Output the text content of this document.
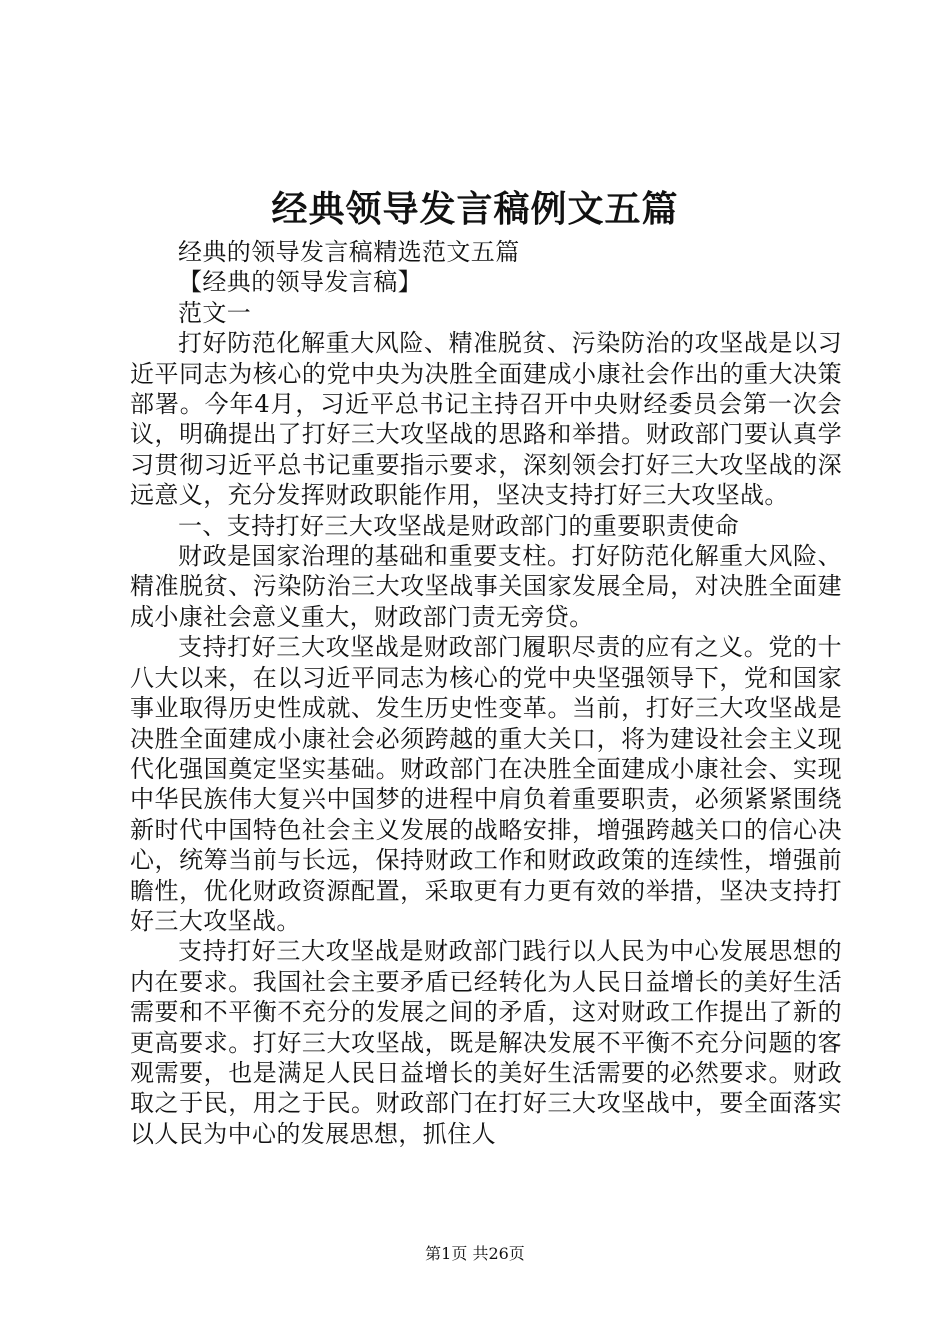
经典领导发言稿例文五篇

经典的领导发言稿精选范文五篇

【经典的领导发言稿】

范文一

打好防范化解重大风险、精准脱贫、污染防治的攻坚战是以习近平同志为核心的党中央为决胜全面建成小康社会作出的重大决策部署。今年4月，习近平总书记主持召开中央财经委员会第一次会议，明确提出了打好三大攻坚战的思路和举措。财政部门要认真学习贯彻习近平总书记重要指示要求，深刻领会打好三大攻坚战的深远意义，充分发挥财政职能作用，坚决支持打好三大攻坚战。

一、支持打好三大攻坚战是财政部门的重要职责使命

财政是国家治理的基础和重要支柱。打好防范化解重大风险、精准脱贫、污染防治三大攻坚战事关国家发展全局，对决胜全面建成小康社会意义重大，财政部门责无旁贷。

支持打好三大攻坚战是财政部门履职尽责的应有之义。党的十八大以来，在以习近平同志为核心的党中央坚强领导下，党和国家事业取得历史性成就、发生历史性变革。当前，打好三大攻坚战是决胜全面建成小康社会必须跨越的重大关口，将为建设社会主义现代化强国奠定坚实基础。财政部门在决胜全面建成小康社会、实现中华民族伟大复兴中国梦的进程中肩负着重要职责，必须紧紧围绕新时代中国特色社会主义发展的战略安排，增强跨越关口的信心决心，统筹当前与长远，保持财政工作和财政政策的连续性，增强前瞻性，优化财政资源配置，采取更有力更有效的举措，坚决支持打好三大攻坚战。

支持打好三大攻坚战是财政部门践行以人民为中心发展思想的内在要求。我国社会主要矛盾已经转化为人民日益增长的美好生活需要和不平衡不充分的发展之间的矛盾，这对财政工作提出了新的更高要求。打好三大攻坚战，既是解决发展不平衡不充分问题的客观需要，也是满足人民日益增长的美好生活需要的必然要求。财政取之于民，用之于民。财政部门在打好三大攻坚战中，要全面落实以人民为中心的发展思想，抓住人

第1页 共26页
